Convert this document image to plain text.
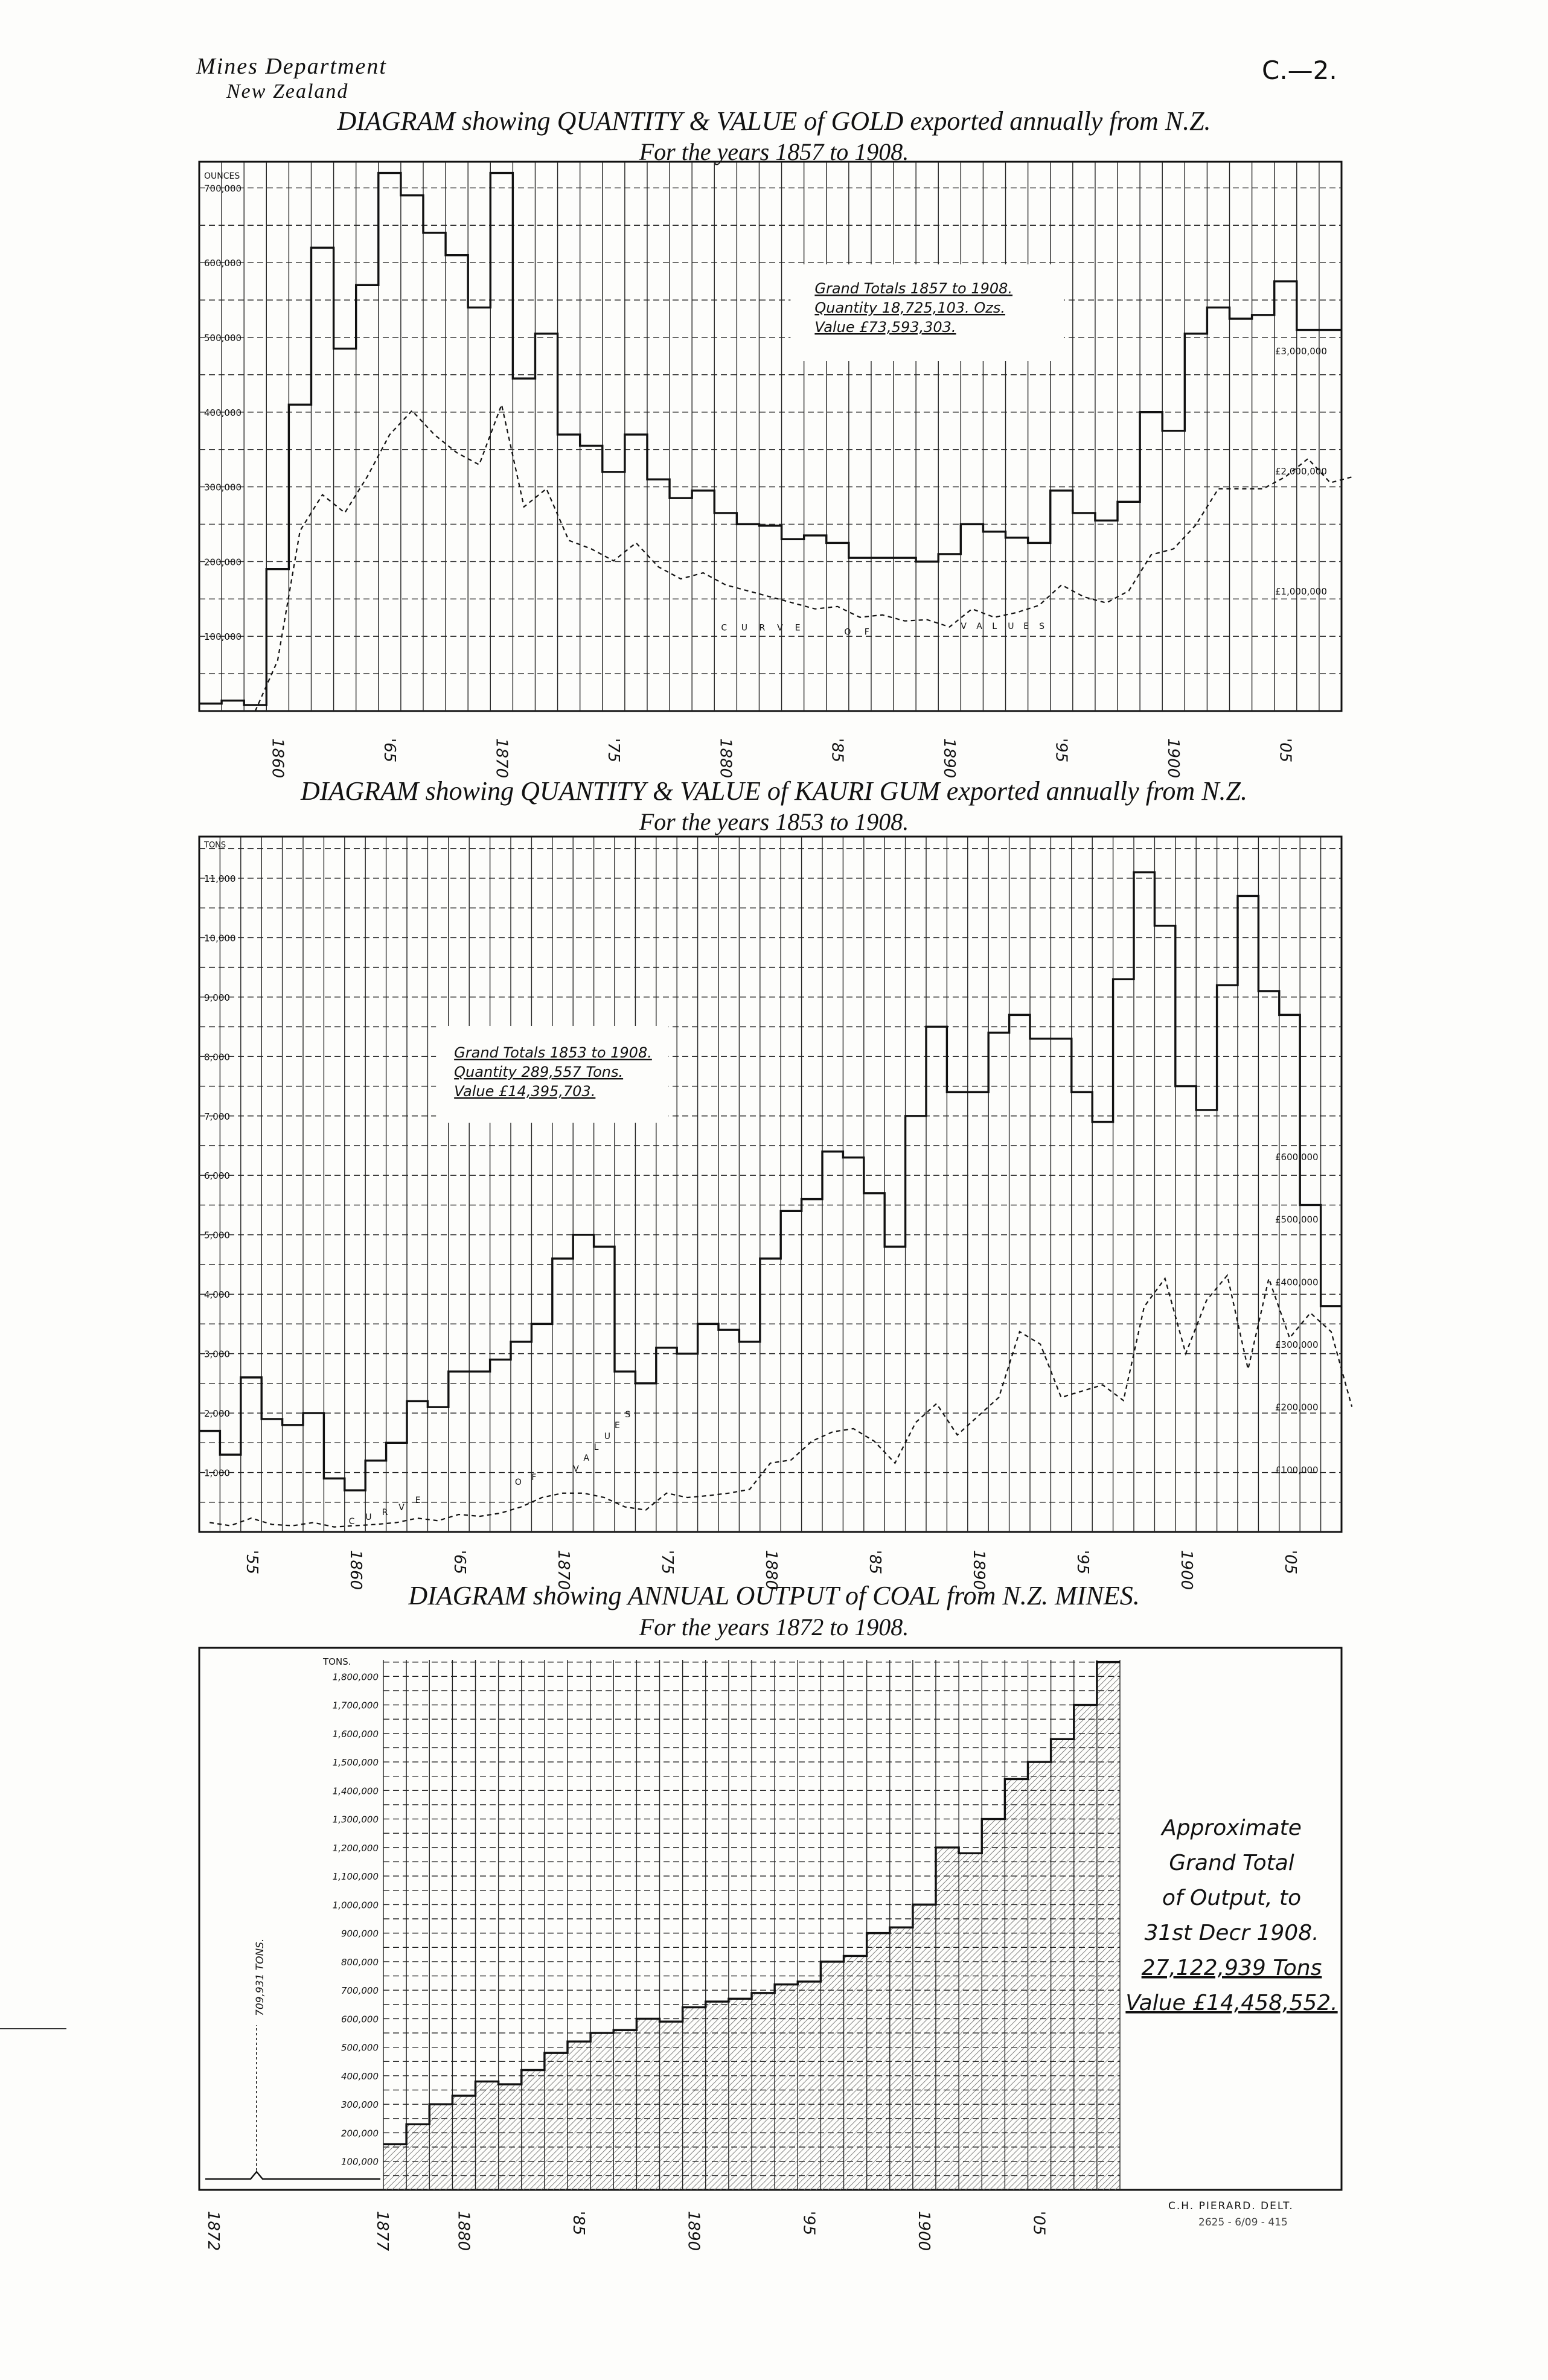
Mines Department
New Zealand
C.—2.
DIAGRAM showing QUANTITY & VALUE of GOLD exported annually from N.Z.
For the years 1857 to 1908.
DIAGRAM showing QUANTITY & VALUE of KAURI GUM exported annually from N.Z.
For the years 1853 to 1908.
DIAGRAM showing ANNUAL OUTPUT of COAL from N.Z. MINES.
For the years 1872 to 1908.
OUNCES
700,000
600,000
500,000
400,000
300,000
200,000
100,000
£3,000,000
£2,000,000
£1,000,000
1860	'65	1870	'75	1880	'85	1890	'95	1900	'05
C U R V E	O F
V A L U E S
Grand Totals 1857 to 1908.
Quantity 18,725,103. Ozs.
Value £73,593,303.
TONS
11,000
10,000
9,000
8,000
7,000
6,000
5,000
4,000
3,000
2,000
1,000
£600,000
£500,000
£400,000
£300,000
£200,000
£100,000
'55	1860	'65	1870	'75	1880	'85	1890	'95	1900	'05
C U R V
E
O F
V
A
L
U
E
S
Grand Totals 1853 to 1908.
Quantity 289,557 Tons.
Value £14,395,703.
TONS.
1,800,000
1,700,000
1,600,000
1,500,000
1,400,000
1,300,000
1,200,000
1,100,000
1,000,000
900,000
800,000
700,000
600,000
500,000
400,000
300,000
200,000
100,000
709,931 TONS.
1872	1877	1880	'85	1890	'95	1900	'05
Approximate
Grand Total
of Output, to
31st Decr 1908.
27,122,939 Tons
Value £14,458,552.
C.H. PIERARD. DELT.
2625 - 6/09 - 415
